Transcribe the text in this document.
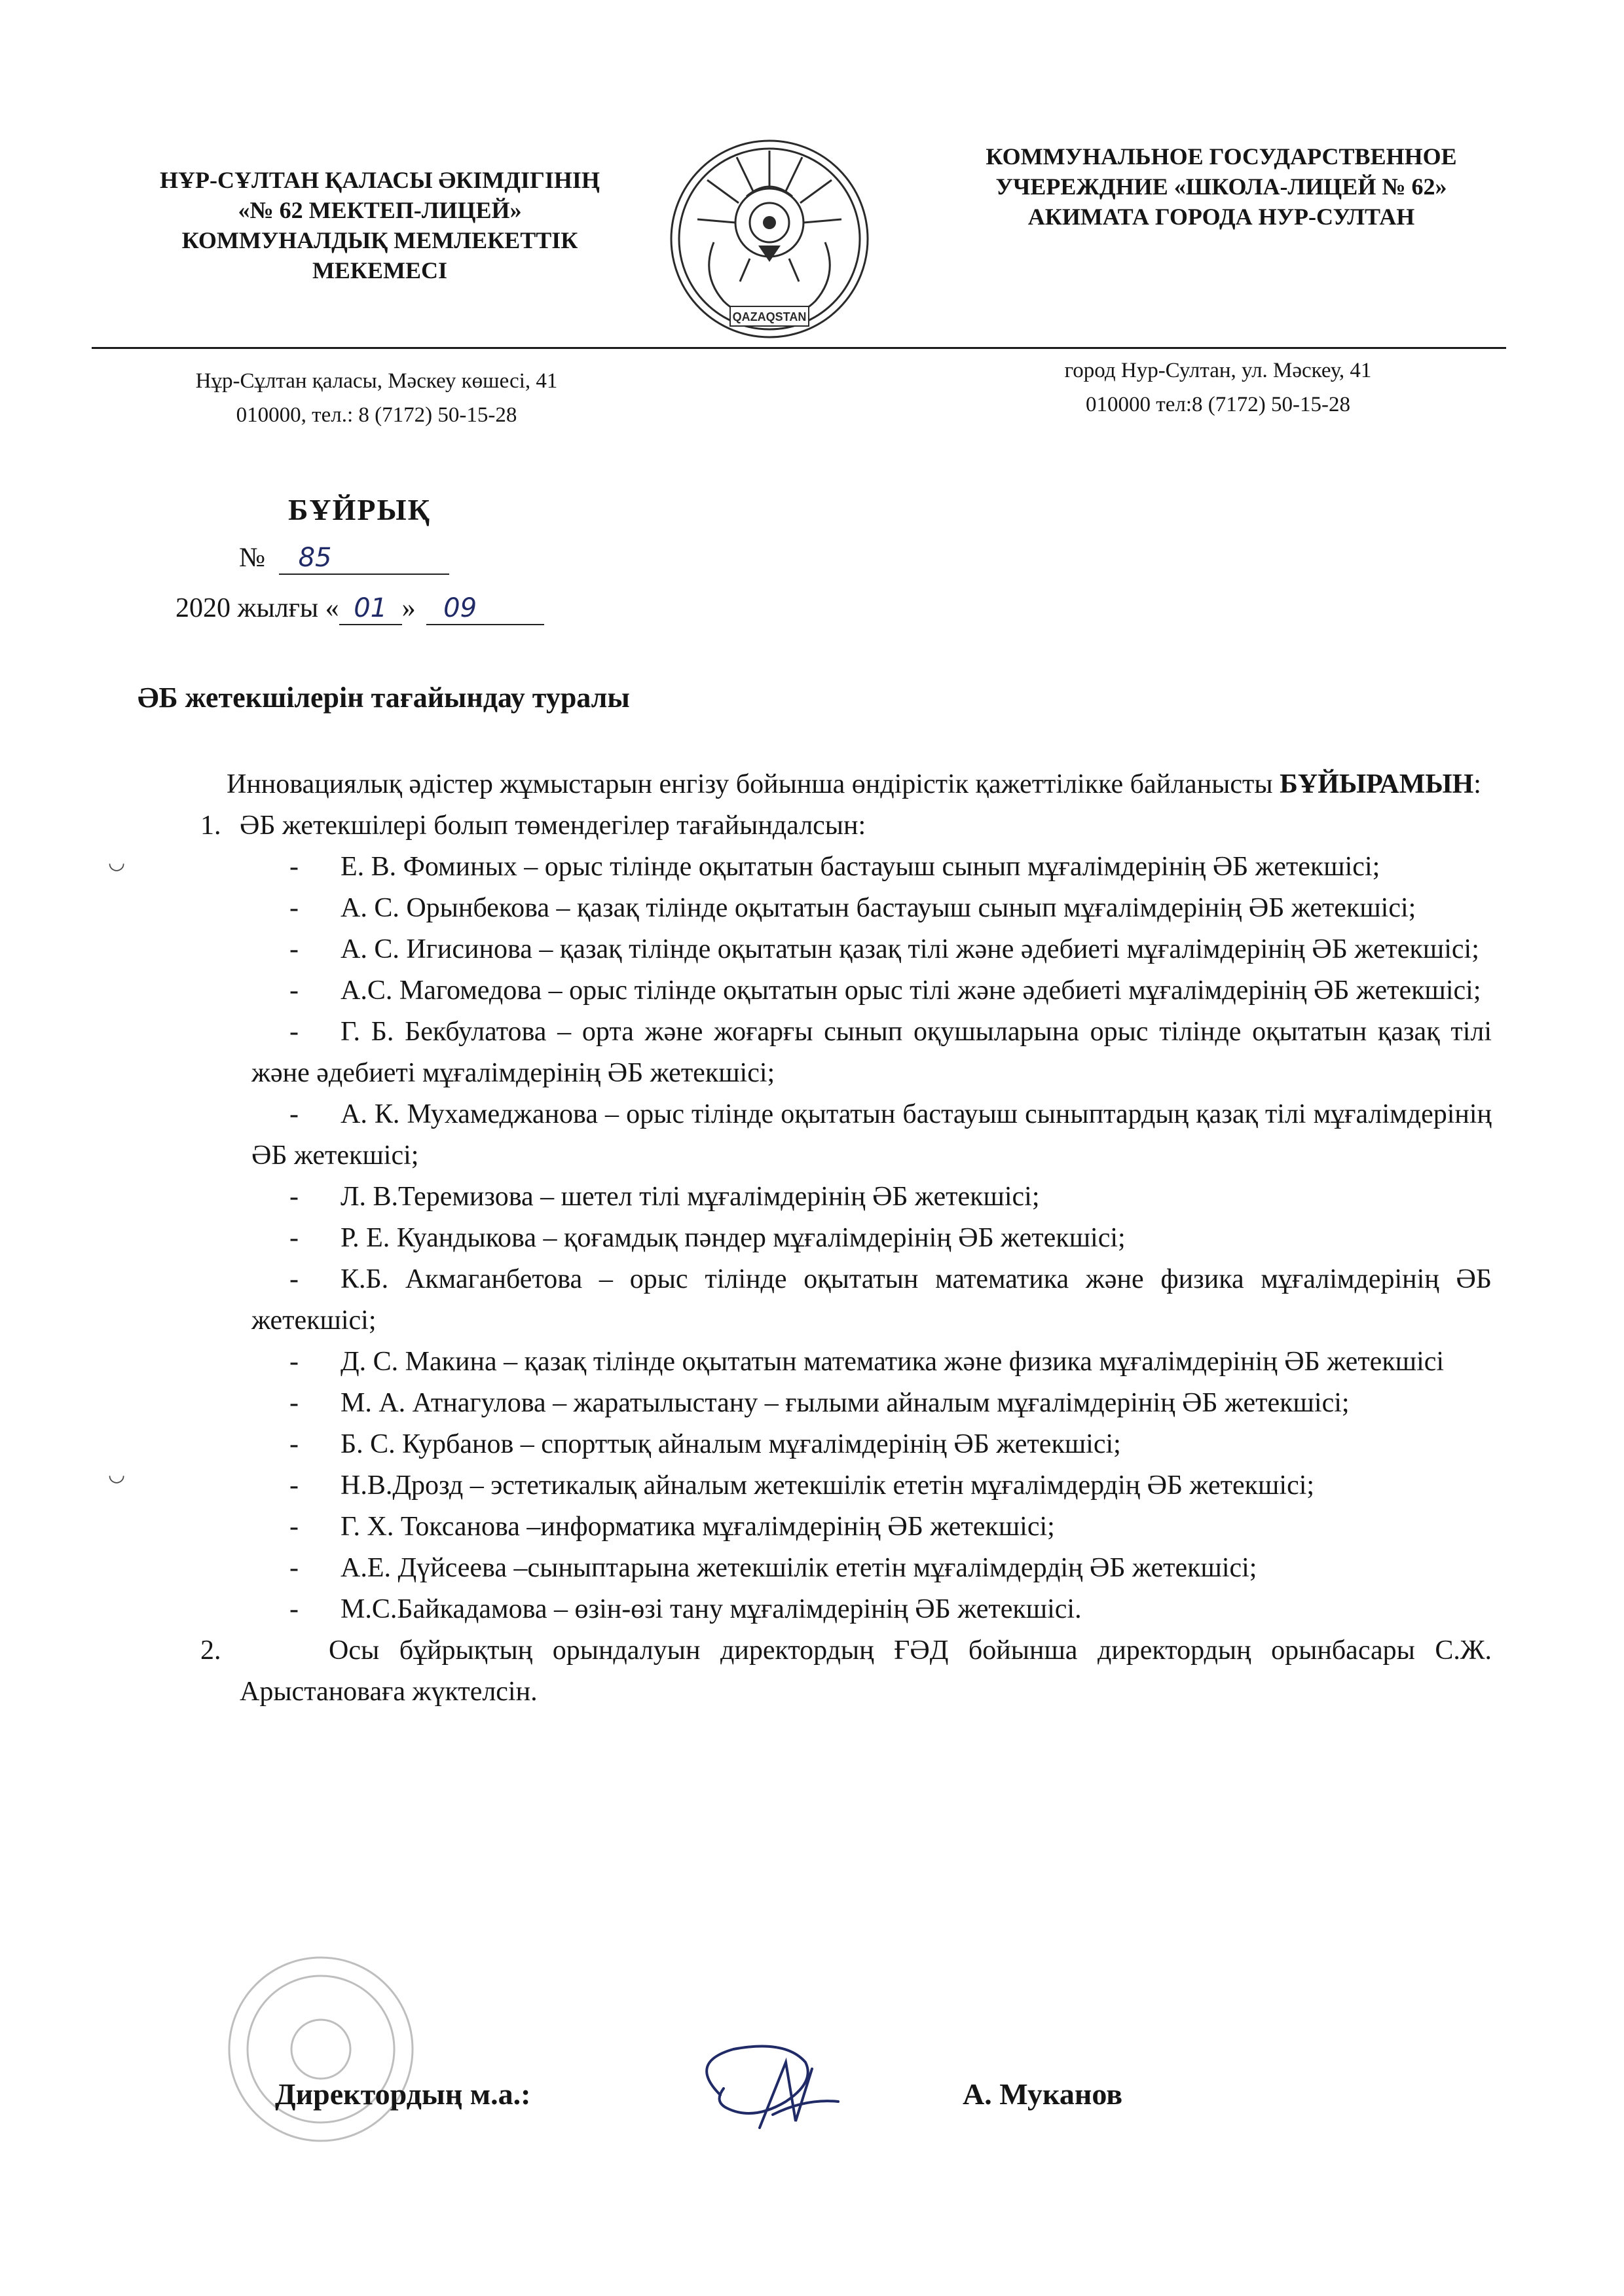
НҰР-СҰЛТАН ҚАЛАСЫ ӘКІМДІГІНІҢ
«№ 62 МЕКТЕП-ЛИЦЕЙ»
КОММУНАЛДЫҚ МЕМЛЕКЕТТІК
МЕКЕМЕСІ
QAZAQSTAN
КОММУНАЛЬНОЕ ГОСУДАРСТВЕННОЕ
УЧЕРЕЖДНИЕ «ШКОЛА-ЛИЦЕЙ № 62»
АКИМАТА ГОРОДА НУР-СУЛТАН
Нұр-Сұлтан қаласы, Мәскеу көшесі, 41
010000, тел.: 8 (7172) 50-15-28
город Нур-Султан, ул. Мәскеу, 41
010000 тел:8 (7172) 50-15-28
БҰЙРЫҚ
№ 85
2020 жылғы « 01 » 09
ӘБ жетекшілерін тағайындау туралы
Инновациялық әдістер жұмыстарын енгізу бойынша өндірістік қажеттілікке байланысты БҰЙЫРАМЫН:
1. ӘБ жетекшілері болып төмендегілер тағайындалсын:
- Е. В. Фоминых – орыс тілінде оқытатын бастауыш сынып мұғалімдерінің ӘБ жетекшісі;
- А. С. Орынбекова – қазақ тілінде оқытатын бастауыш сынып мұғалімдерінің ӘБ жетекшісі;
- А. С. Игисинова – қазақ тілінде оқытатын қазақ тілі және әдебиеті мұғалімдерінің ӘБ жетекшісі;
- А.С. Магомедова – орыс тілінде оқытатын орыс тілі және әдебиеті мұғалімдерінің ӘБ жетекшісі;
- Г. Б. Бекбулатова – орта және жоғарғы сынып оқушыларына орыс тілінде оқытатын қазақ тілі және әдебиеті мұғалімдерінің ӘБ жетекшісі;
- А. К. Мухамеджанова – орыс тілінде оқытатын бастауыш сыныптардың қазақ тілі мұғалімдерінің ӘБ жетекшісі;
- Л. В.Теремизова – шетел тілі мұғалімдерінің ӘБ жетекшісі;
- Р. Е. Куандыкова – қоғамдық пәндер мұғалімдерінің ӘБ жетекшісі;
- К.Б. Акмаганбетова – орыс тілінде оқытатын математика және физика мұғалімдерінің ӘБ жетекшісі;
- Д. С. Макина – қазақ тілінде оқытатын математика және физика мұғалімдерінің ӘБ жетекшісі
- М. А. Атнагулова – жаратылыстану – ғылыми айналым мұғалімдерінің ӘБ жетекшісі;
- Б. С. Курбанов – спорттық айналым мұғалімдерінің ӘБ жетекшісі;
- Н.В.Дрозд – эстетикалық айналым жетекшілік ететін мұғалімдердің ӘБ жетекшісі;
- Г. Х. Токсанова –информатика мұғалімдерінің ӘБ жетекшісі;
- А.Е. Дүйсеева –сыныптарына жетекшілік ететін мұғалімдердің ӘБ жетекшісі;
- М.С.Байкадамова – өзін-өзі тану мұғалімдерінің ӘБ жетекшісі.
2. Осы бұйрықтың орындалуын директордың ҒӘД бойынша директордың орынбасары С.Ж. Арыстановаға жүктелсін.
Директордың м.а.:	А. Муканов
◡
◡
